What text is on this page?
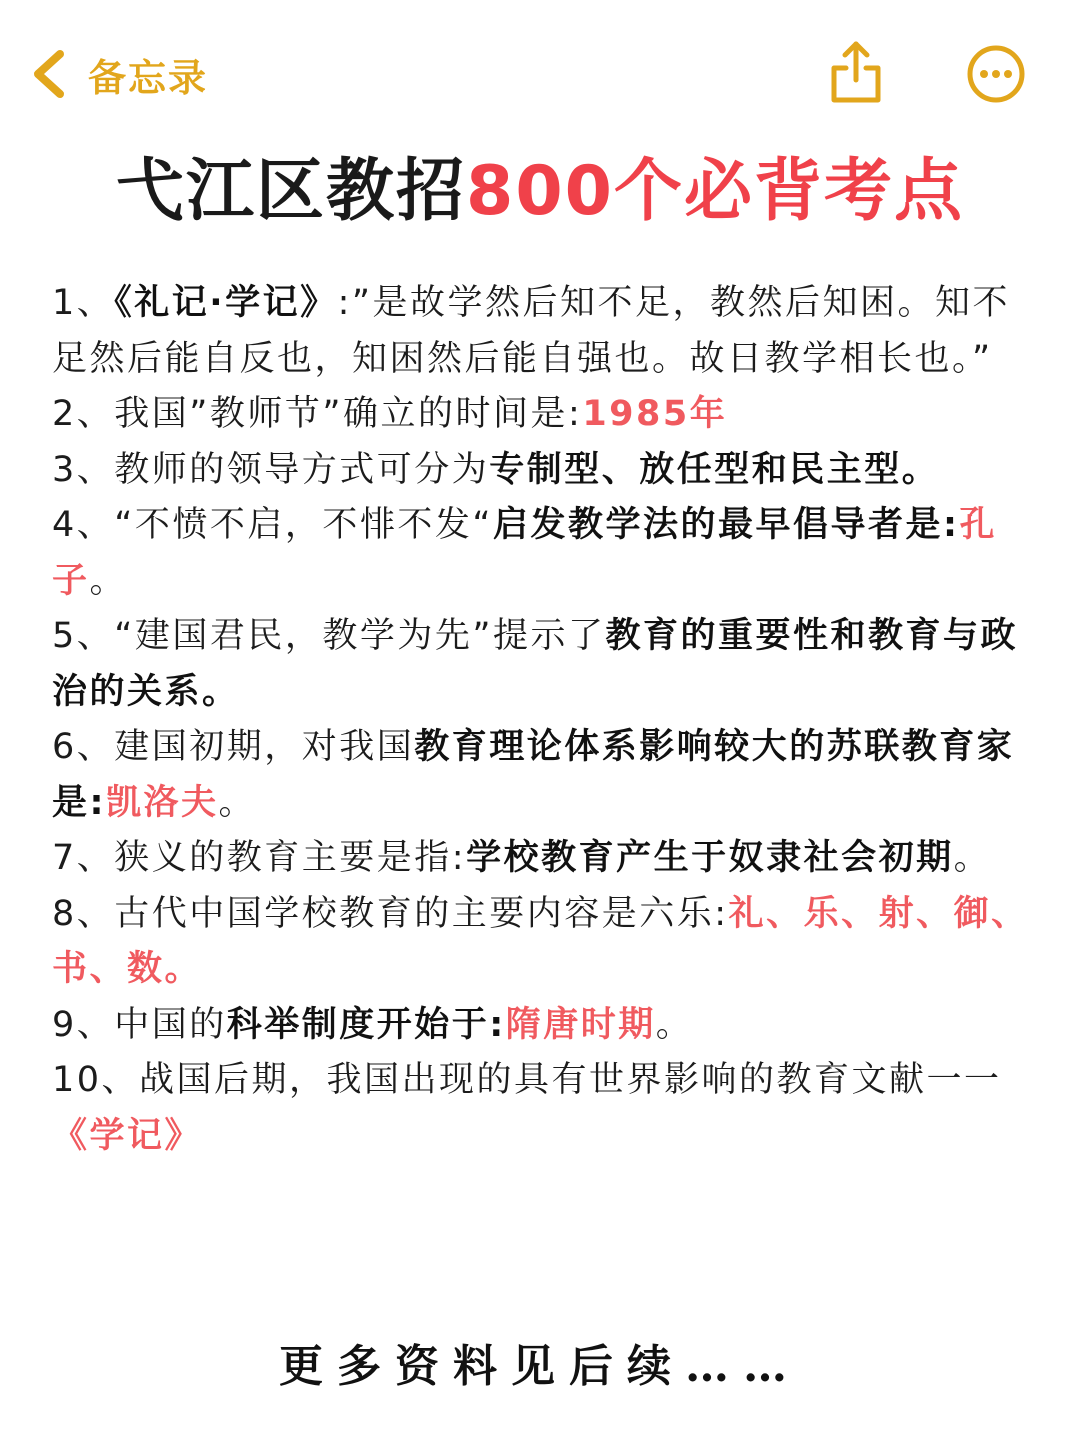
备忘录
弋江区教招800个必背考点
1、《礼记·学记》:”是故学然后知不足，教然后知困。知不足然后能自反也，知困然后能自强也。故日教学相长也。”
2、我国”教师节”确立的时间是:1985年
3、教师的领导方式可分为专制型、放任型和民主型。
4、“不愤不启，不悱不发“启发教学法的最早倡导者是:孔子。
5、“建国君民，教学为先”提示了教育的重要性和教育与政治的关系。
6、建国初期，对我国教育理论体系影响较大的苏联教育家是:凯洛夫。
7、狭义的教育主要是指:学校教育产生于奴隶社会初期。
8、古代中国学校教育的主要内容是六乐:礼、乐、射、御、书、数。
9、中国的科举制度开始于:隋唐时期。
10、战国后期，我国出现的具有世界影响的教育文献一一《学记》
更多资料见后续……
